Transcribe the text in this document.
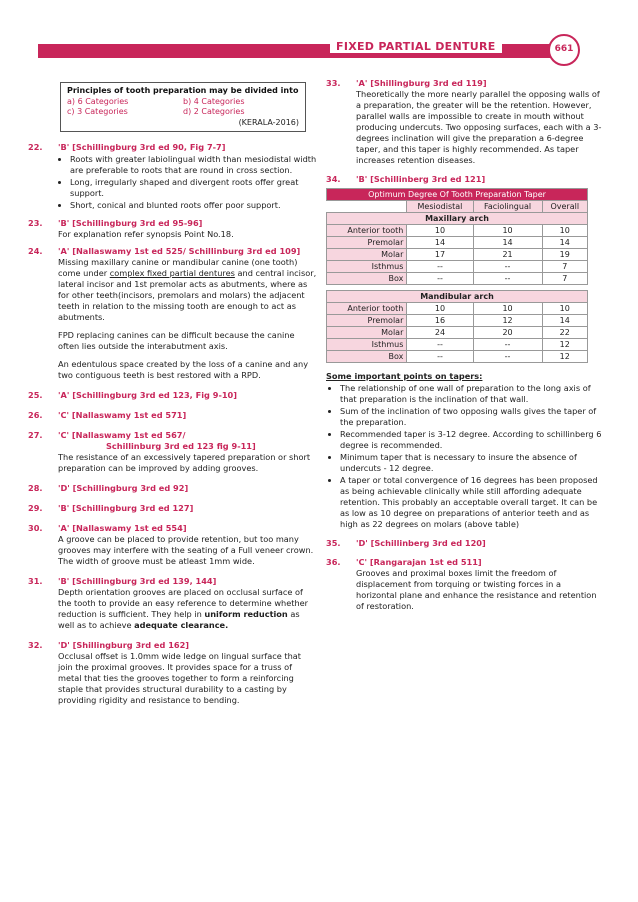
FIXED PARTIAL DENTURE	661
Principles of tooth preparation may be divided into
a) 6 Categories	b) 4 Categories
c) 3 Categories	d) 2 Categories
(KERALA-2016)
22.	'B' [Schillingburg 3rd ed 90, Fig 7-7]
• Roots with greater labiolingual width than mesiodistal width are preferable to roots that are round in cross section.
• Long, irregularly shaped and divergent roots offer great support.
• Short, conical and blunted roots offer poor support.
23.	'B' [Schillingburg 3rd ed 95-96]

For explanation refer synopsis Point No.18.

24.	'A' [Nallaswamy 1st ed 525/ Schillinburg 3rd ed 109]

Missing maxillary canine or mandibular canine (one tooth) come under complex fixed partial dentures and central incisor, lateral incisor and 1st premolar acts as abutments, where as for other teeth(incisors, premolars and molars) the adjacent teeth in relation to the missing tooth are enough to act as abutments.

FPD replacing canines can be difficult because the canine often lies outside the interabutment axis.

An edentulous space created by the loss of a canine and any two contiguous teeth is best restored with a RPD.

25.	'A' [Schillingburg 3rd ed 123, Fig 9-10]
26.	'C' [Nallaswamy 1st ed 571]
27.	'C' [Nallaswamy 1st ed 567/
Schillinburg 3rd ed 123 fig 9-11]

The resistance of an excessively tapered preparation or short preparation can be improved by adding grooves.

28.	'D' [Schillingburg 3rd ed 92]
29.	'B' [Schillingburg 3rd ed 127]
30.	'A' [Nallaswamy 1st ed 554]

A groove can be placed to provide retention, but too many grooves may interfere with the seating of a Full veneer crown. The width of groove must be atleast 1mm wide.

31.	'B' [Schillingburg 3rd ed 139, 144]

Depth orientation grooves are placed on occlusal surface of the tooth to provide an easy reference to determine whether reduction is sufficient. They help in uniform reduction as well as to achieve adequate clearance.

32.	'D' [Shillingburg 3rd ed 162]

Occlusal offset is 1.0mm wide ledge on lingual surface that join the proximal grooves. It provides space for a truss of metal that ties the grooves together to form a reinforcing staple that provides structural durability to a casting by providing rigidity and resistance to bending.

33.	'A' [Shillingburg 3rd ed 119]

Theoretically the more nearly parallel the opposing walls of a preparation, the greater will be the retention. However, parallel walls are impossible to create in mouth without producing undercuts. Two opposing surfaces, each with a 3-degrees inclination will give the preparation a 6-degree taper, and this taper is highly recommended. As taper increases retention diseases.

34.	'B' [Schillinberg 3rd ed 121]
Optimum Degree Of Tooth Preparation Taper			
	Mesiodistal	Faciolingual	Overall
Maxillary arch			
Anterior tooth	10	10	10
Premolar	14	14	14
Molar	17	21	19
Isthmus	--	--	7
Box	--	--	7

Mandibular arch			
Anterior tooth	10	10	10
Premolar	16	12	14
Molar	24	20	22
Isthmus	--	--	12
Box	--	--	12
Some important points on tapers:
• The relationship of one wall of preparation to the long axis of that preparation is the inclination of that wall.
• Sum of the inclination of two opposing walls gives the taper of the preparation.
• Recommended taper is 3-12 degree. According to schillinberg 6 degree is recommended.
• Minimum taper that is necessary to insure the absence of undercuts - 12 degree.
• A taper or total convergence of 16 degrees has been proposed as being achievable clinically while still affording adequate retention. This probably an acceptable overall target. It can be as low as 10 degree on preparations of anterior teeth and as high as 22 degrees on molars (above table)
35.	'D' [Schillinberg 3rd ed 120]
36.	'C' [Rangarajan 1st ed 511]

Grooves and proximal boxes limit the freedom of displacement from torquing or twisting forces in a horizontal plane and enhance the resistance and retention of restoration.
